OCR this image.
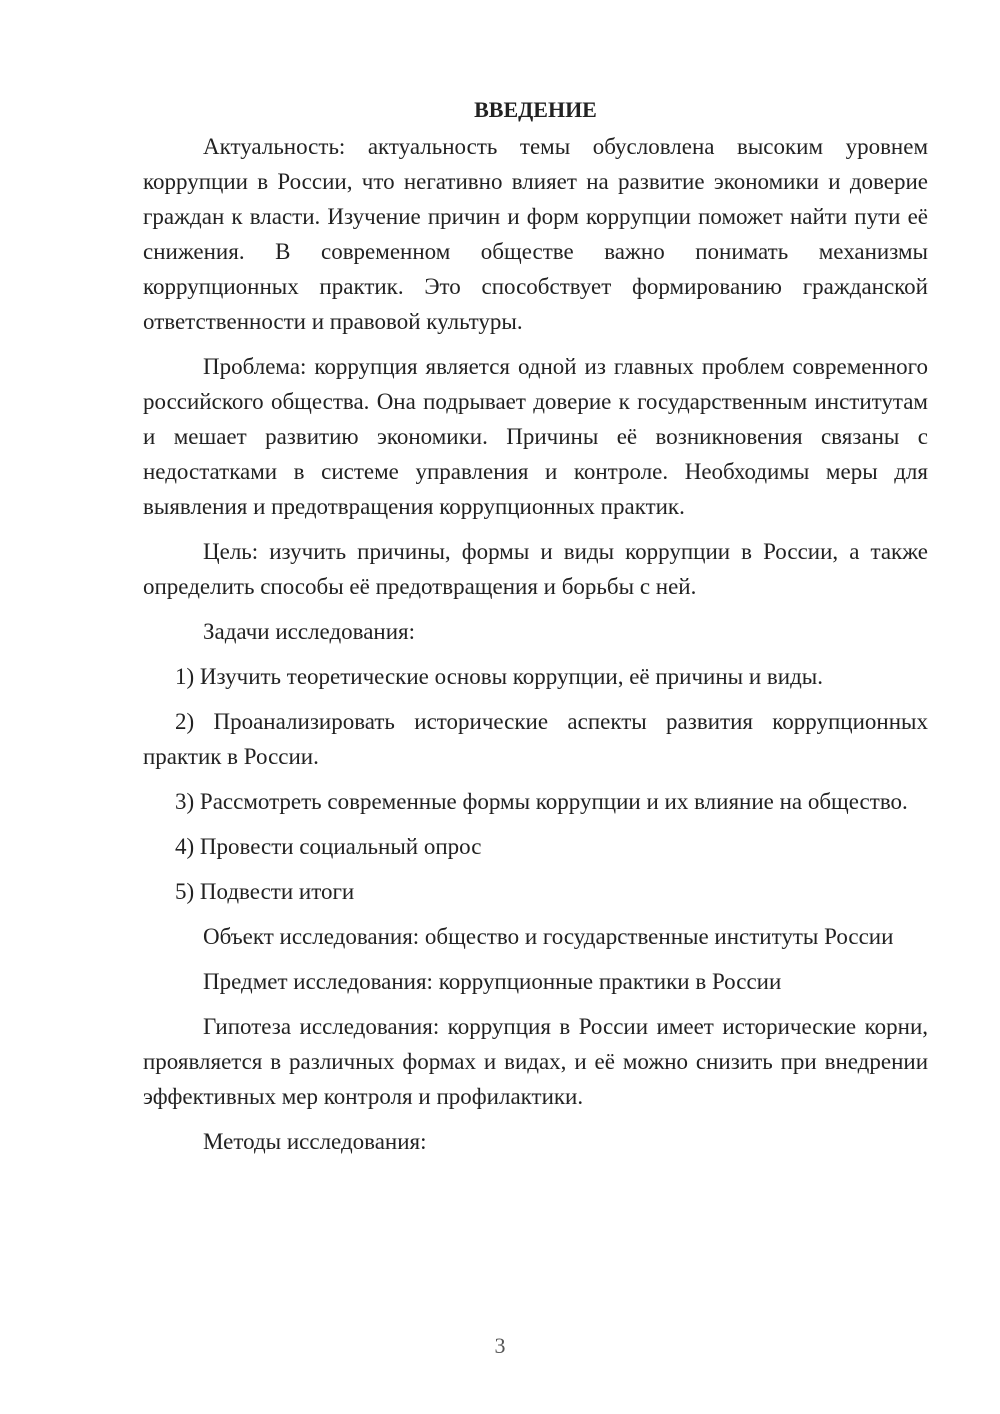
ВВЕДЕНИЕ

Актуальность: актуальность темы обусловлена высоким уровнем коррупции в России, что негативно влияет на развитие экономики и доверие граждан к власти. Изучение причин и форм коррупции поможет найти пути её снижения. В современном обществе важно понимать механизмы коррупционных практик. Это способствует формированию гражданской ответственности и правовой культуры.

Проблема: коррупция является одной из главных проблем современного российского общества. Она подрывает доверие к государственным институтам и мешает развитию экономики. Причины её возникновения связаны с недостатками в системе управления и контроле. Необходимы меры для выявления и предотвращения коррупционных практик.

Цель: изучить причины, формы и виды коррупции в России, а также определить способы её предотвращения и борьбы с ней.

Задачи исследования:

1) Изучить теоретические основы коррупции, её причины и виды.

2) Проанализировать исторические аспекты развития коррупционных практик в России.

3) Рассмотреть современные формы коррупции и их влияние на общество.

4) Провести социальный опрос

5) Подвести итоги

Объект исследования: общество и государственные институты России

Предмет исследования: коррупционные практики в России

Гипотеза исследования: коррупция в России имеет исторические корни, проявляется в различных формах и видах, и её можно снизить при внедрении эффективных мер контроля и профилактики.

Методы исследования:

3
